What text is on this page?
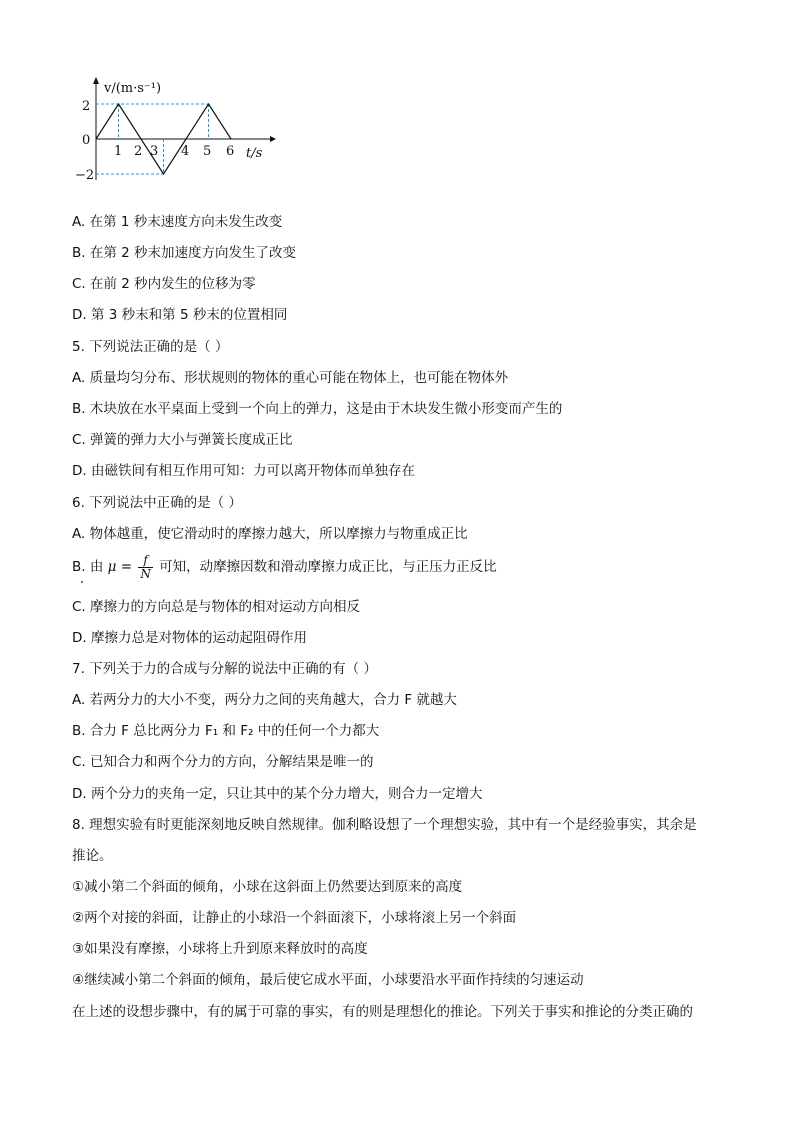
v/(m·s⁻¹)
t/s
0
2
−2
1 2 3 4 5 6
A. 在第 1 秒末速度方向未发生改变
B. 在第 2 秒末加速度方向发生了改变
C. 在前 2 秒内发生的位移为零
D. 第 3 秒末和第 5 秒末的位置相同
5. 下列说法正确的是（ ）
A. 质量均匀分布、形状规则的物体的重心可能在物体上，也可能在物体外
B. 木块放在水平桌面上受到一个向上的弹力，这是由于木块发生微小形变而产生的
C. 弹簧的弹力大小与弹簧长度成正比
D. 由磁铁间有相互作用可知：力可以离开物体而单独存在
6. 下列说法中正确的是（ ）
A. 物体越重，使它滑动时的摩擦力越大，所以摩擦力与物重成正比
B. 由 $\mu = \frac{f}{N}$ 可知，动摩擦因数和滑动摩擦力成正比，与正压力正反比
C. 摩擦力的方向总是与物体的相对运动方向相反
D. 摩擦力总是对物体的运动起阻碍作用
7. 下列关于力的合成与分解的说法中正确的有（ ）
A. 若两分力的大小不变，两分力之间的夹角越大，合力 F 就越大
B. 合力 F 总比两分力 F₁ 和 F₂ 中的任何一个力都大
C. 已知合力和两个分力的方向，分解结果是唯一的
D. 两个分力的夹角一定，只让其中的某个分力增大，则合力一定增大
8. 理想实验有时更能深刻地反映自然规律。伽利略设想了一个理想实验，其中有一个是经验事实，其余是
推论。
①减小第二个斜面的倾角，小球在这斜面上仍然要达到原来的高度
②两个对接的斜面，让静止的小球沿一个斜面滚下，小球将滚上另一个斜面
③如果没有摩擦，小球将上升到原来释放时的高度
④继续减小第二个斜面的倾角，最后使它成水平面，小球要沿水平面作持续的匀速运动
在上述的设想步骤中，有的属于可靠的事实，有的则是理想化的推论。下列关于事实和推论的分类正确的
